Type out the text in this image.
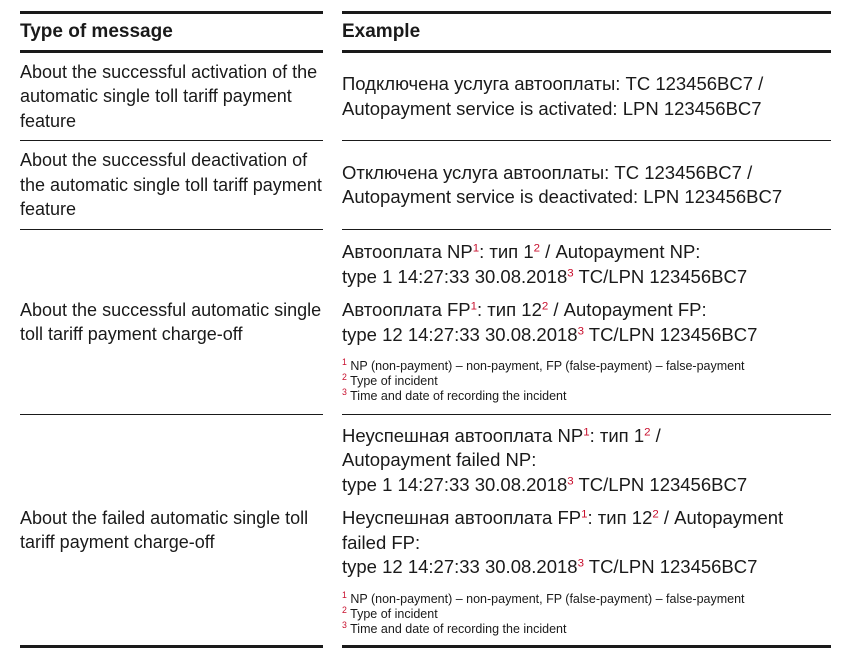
Type of message
About the successful activation of the automatic single toll tariff payment feature
About the successful deactivation of the automatic single toll tariff payment feature
About the successful automatic single toll tariff payment charge-off
About the failed automatic single toll tariff payment charge-off
Example
Подключена услуга автооплаты: ТС 123456BC7 / Autopayment service is activated: LPN 123456BC7
Отключена услуга автооплаты: ТС 123456BC7 / Autopayment service is deactivated: LPN 123456BC7
Автооплата $NP^1$: тип $1^2$ / Autopayment NP:
type 1 14:27:33 30.08.2018$^3$ TC/LPN 123456BC7
Автооплата $FP^1$: тип $12^2$ / Autopayment FP:
type 12 14:27:33 30.08.2018$^3$ TC/LPN 123456BC7
$^1$ NP (non-payment) – non-payment, FP (false-payment) – false-payment
$^2$ Type of incident
$^3$ Time and date of recording the incident
Неуспешная автооплата $NP^1$: тип $1^2$ /
Autopayment failed NP:
type 1 14:27:33 30.08.2018$^3$ TC/LPN 123456BC7
Неуспешная автооплата $FP^1$: тип $12^2$ / Autopayment failed FP:
type 12 14:27:33 30.08.2018$^3$ TC/LPN 123456BC7
$^1$ NP (non-payment) – non-payment, FP (false-payment) – false-payment
$^2$ Type of incident
$^3$ Time and date of recording the incident
